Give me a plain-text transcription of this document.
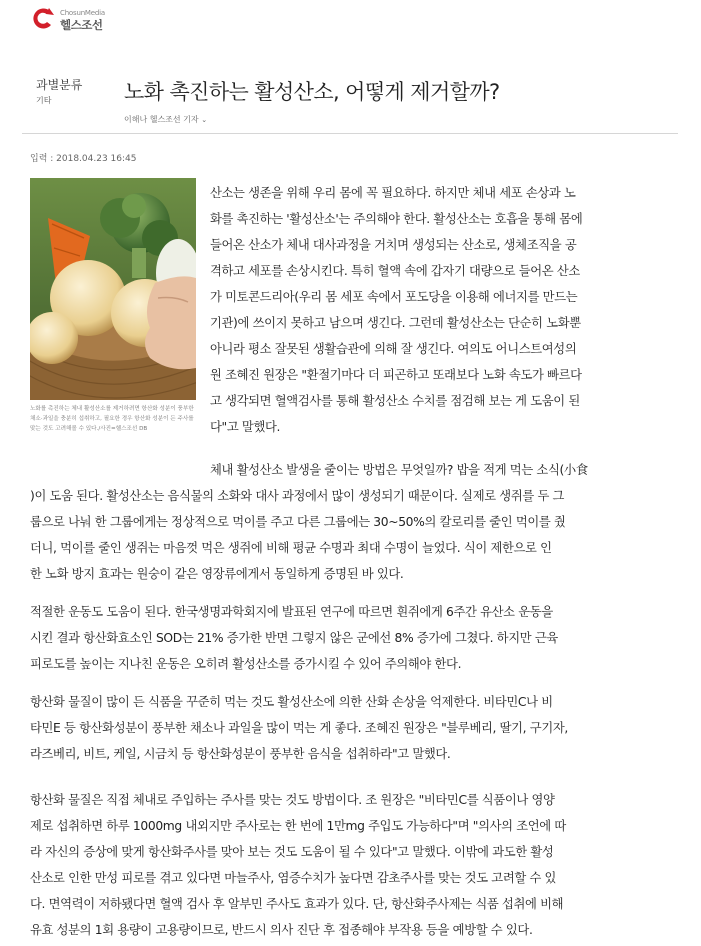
ChosunMedia
헬스조선
과별분류
기타	노화 촉진하는 활성산소, 어떻게 제거할까?
이해나 헬스조선 기자 ⌄
입력 : 2018.04.23 16:45
노화를 촉진하는 체내 활성산소를 제거하려면 항산화 성분이 풍부한 채소·과일을 충분히 섭취하고, 필요한 경우 항산화 성분이 든 주사를 맞는 것도 고려해볼 수 있다./사진=헬스조선 DB
산소는 생존을 위해 우리 몸에 꼭 필요하다. 하지만 체내 세포 손상과 노
화를 촉진하는 '활성산소'는 주의해야 한다. 활성산소는 호흡을 통해 몸에
들어온 산소가 체내 대사과정을 거치며 생성되는 산소로, 생체조직을 공
격하고 세포를 손상시킨다. 특히 혈액 속에 갑자기 대량으로 들어온 산소
가 미토콘드리아(우리 몸 세포 속에서 포도당을 이용해 에너지를 만드는
기관)에 쓰이지 못하고 남으며 생긴다. 그런데 활성산소는 단순히 노화뿐
아니라 평소 잘못된 생활습관에 의해 잘 생긴다. 여의도 어니스트여성의
원 조혜진 원장은 "환절기마다 더 피곤하고 또래보다 노화 속도가 빠르다
고 생각되면 혈액검사를 통해 활성산소 수치를 점검해 보는 게 도움이 된
다"고 말했다.
체내 활성산소 발생을 줄이는 방법은 무엇일까? 밥을 적게 먹는 소식(小食
)이 도움 된다. 활성산소는 음식물의 소화와 대사 과정에서 많이 생성되기 때문이다. 실제로 생쥐를 두 그
룹으로 나눠 한 그룹에게는 정상적으로 먹이를 주고 다른 그룹에는 30~50%의 칼로리를 줄인 먹이를 줬
더니, 먹이를 줄인 생쥐는 마음껏 먹은 생쥐에 비해 평균 수명과 최대 수명이 늘었다. 식이 제한으로 인
한 노화 방지 효과는 원숭이 같은 영장류에게서 동일하게 증명된 바 있다.
적절한 운동도 도움이 된다. 한국생명과학회지에 발표된 연구에 따르면 흰쥐에게 6주간 유산소 운동을
시킨 결과 항산화효소인 SOD는 21% 증가한 반면 그렇지 않은 군에선 8% 증가에 그쳤다. 하지만 근육
피로도를 높이는 지나친 운동은 오히려 활성산소를 증가시킬 수 있어 주의해야 한다.
항산화 물질이 많이 든 식품을 꾸준히 먹는 것도 활성산소에 의한 산화 손상을 억제한다. 비타민C나 비
타민E 등 항산화성분이 풍부한 채소나 과일을 많이 먹는 게 좋다. 조혜진 원장은 "블루베리, 딸기, 구기자,
라즈베리, 비트, 케일, 시금치 등 항산화성분이 풍부한 음식을 섭취하라"고 말했다.
항산화 물질은 직접 체내로 주입하는 주사를 맞는 것도 방법이다. 조 원장은 "비타민C를 식품이나 영양
제로 섭취하면 하루 1000mg 내외지만 주사로는 한 번에 1만mg 주입도 가능하다"며 "의사의 조언에 따
라 자신의 증상에 맞게 항산화주사를 맞아 보는 것도 도움이 될 수 있다"고 말했다. 이밖에 과도한 활성
산소로 인한 만성 피로를 겪고 있다면 마늘주사, 염증수치가 높다면 감초주사를 맞는 것도 고려할 수 있
다. 면역력이 저하됐다면 혈액 검사 후 알부민 주사도 효과가 있다. 단, 항산화주사제는 식품 섭취에 비해
유효 성분의 1회 용량이 고용량이므로, 반드시 의사 진단 후 접종해야 부작용 등을 예방할 수 있다.
